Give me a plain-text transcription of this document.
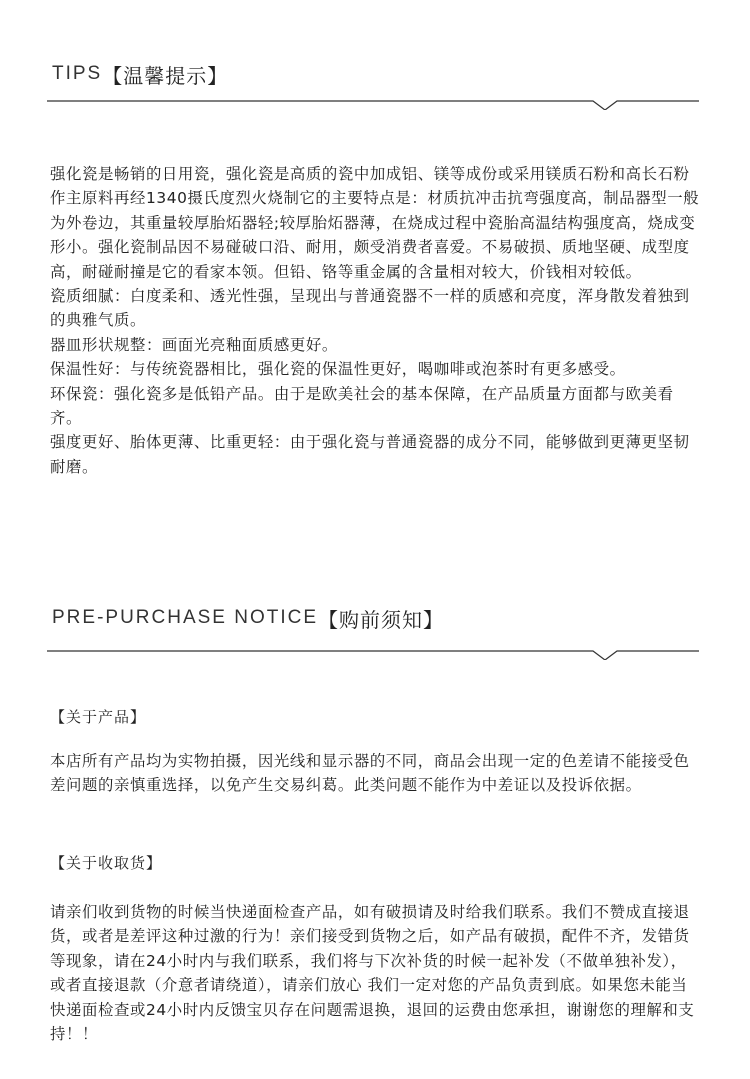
TIPS 【温馨提示】

强化瓷是畅销的日用瓷，强化瓷是高质的瓷中加成铝、镁等成份或采用镁质石粉和高长石粉作主原料再经1340摄氏度烈火烧制它的主要特点是：材质抗冲击抗弯强度高，制品器型一般为外卷边，其重量较厚胎炻器轻;较厚胎炻器薄，在烧成过程中瓷胎高温结构强度高，烧成变形小。强化瓷制品因不易碰破口沿、耐用，颇受消费者喜爱。不易破损、质地坚硬、成型度高，耐碰耐撞是它的看家本领。但铅、铬等重金属的含量相对较大，价钱相对较低。

瓷质细腻：白度柔和、透光性强，呈现出与普通瓷器不一样的质感和亮度，浑身散发着独到的典雅气质。

器皿形状规整：画面光亮釉面质感更好。

保温性好：与传统瓷器相比，强化瓷的保温性更好，喝咖啡或泡茶时有更多感受。

环保瓷：强化瓷多是低铅产品。由于是欧美社会的基本保障，在产品质量方面都与欧美看齐。

强度更好、胎体更薄、比重更轻：由于强化瓷与普通瓷器的成分不同，能够做到更薄更坚韧耐磨。

PRE-PURCHASE NOTICE 【购前须知】
【关于产品】
本店所有产品均为实物拍摄，因光线和显示器的不同，商品会出现一定的色差请不能接受色差问题的亲慎重选择，以免产生交易纠葛。此类问题不能作为中差证以及投诉依据。
【关于收取货】
请亲们收到货物的时候当快递面检查产品，如有破损请及时给我们联系。我们不赞成直接退货，或者是差评这种过激的行为！亲们接受到货物之后，如产品有破损，配件不齐，发错货等现象，请在24小时内与我们联系，我们将与下次补货的时候一起补发（不做单独补发），或者直接退款（介意者请绕道），请亲们放心 我们一定对您的产品负责到底。如果您未能当快递面检查或24小时内反馈宝贝存在问题需退换，退回的运费由您承担，谢谢您的理解和支持！！
